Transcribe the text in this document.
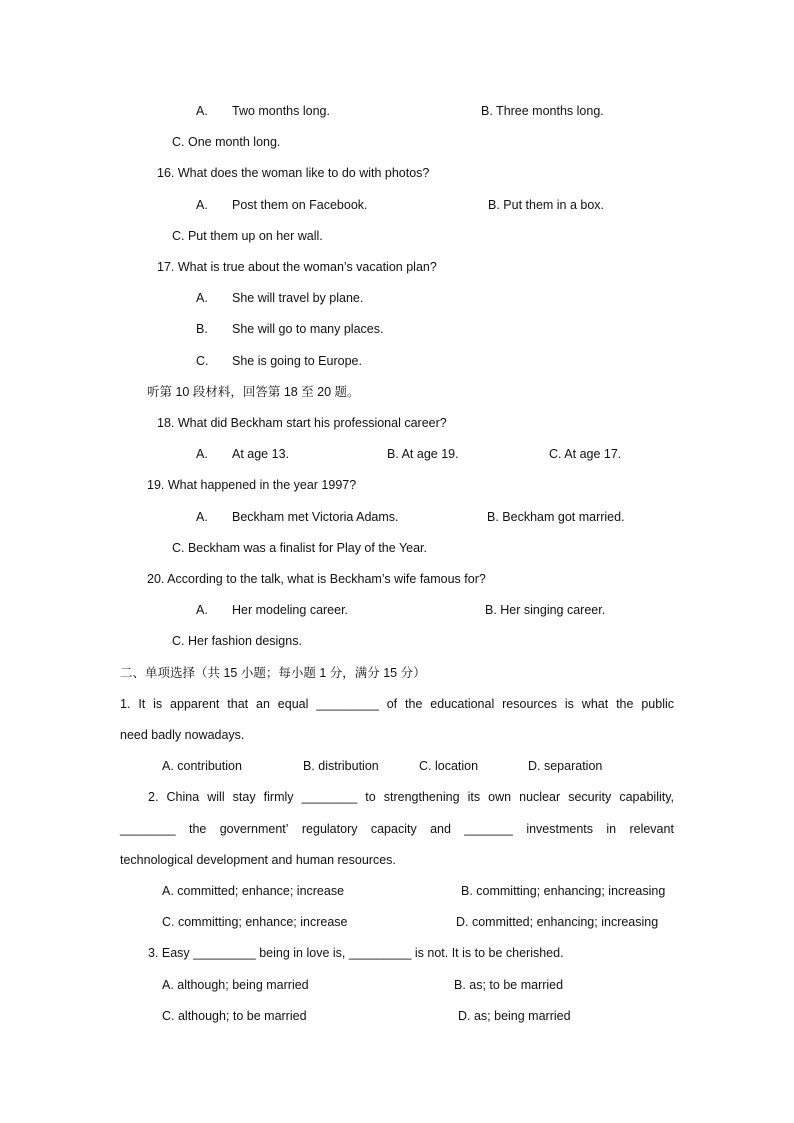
A. Two months long.	B. Three months long.
C. One month long.
16. What does the woman like to do with photos?
A. Post them on Facebook.	B. Put them in a box.
C. Put them up on her wall.
17. What is true about the woman’s vacation plan?
A. She will travel by plane.
B. She will go to many places.
C. She is going to Europe.
听第 10 段材料，回答第 18 至 20 题。
18. What did Beckham start his professional career?
A. At age 13.	B. At age 19.	C. At age 17.
19. What happened in the year 1997?
A. Beckham met Victoria Adams.	B. Beckham got married.
C. Beckham was a finalist for Play of the Year.
20. According to the talk, what is Beckham’s wife famous for?
A. Her modeling career.	B. Her singing career.
C. Her fashion designs.
二、单项选择（共 15 小题；每小题 1 分，满分 15 分）
1. It is apparent that an equal _________ of the educational resources is what the public
need badly nowadays.
A. contribution	B. distribution	C. location	D. separation
2. China will stay firmly ________ to strengthening its own nuclear security capability,
________ the government’ regulatory capacity and _______ investments in relevant
technological development and human resources.
A. committed; enhance; increase	B. committing; enhancing; increasing
C. committing; enhance; increase	D. committed; enhancing; increasing
3. Easy _________ being in love is, _________ is not. It is to be cherished.
A. although; being married	B. as; to be married
C. although; to be married	D. as; being married
